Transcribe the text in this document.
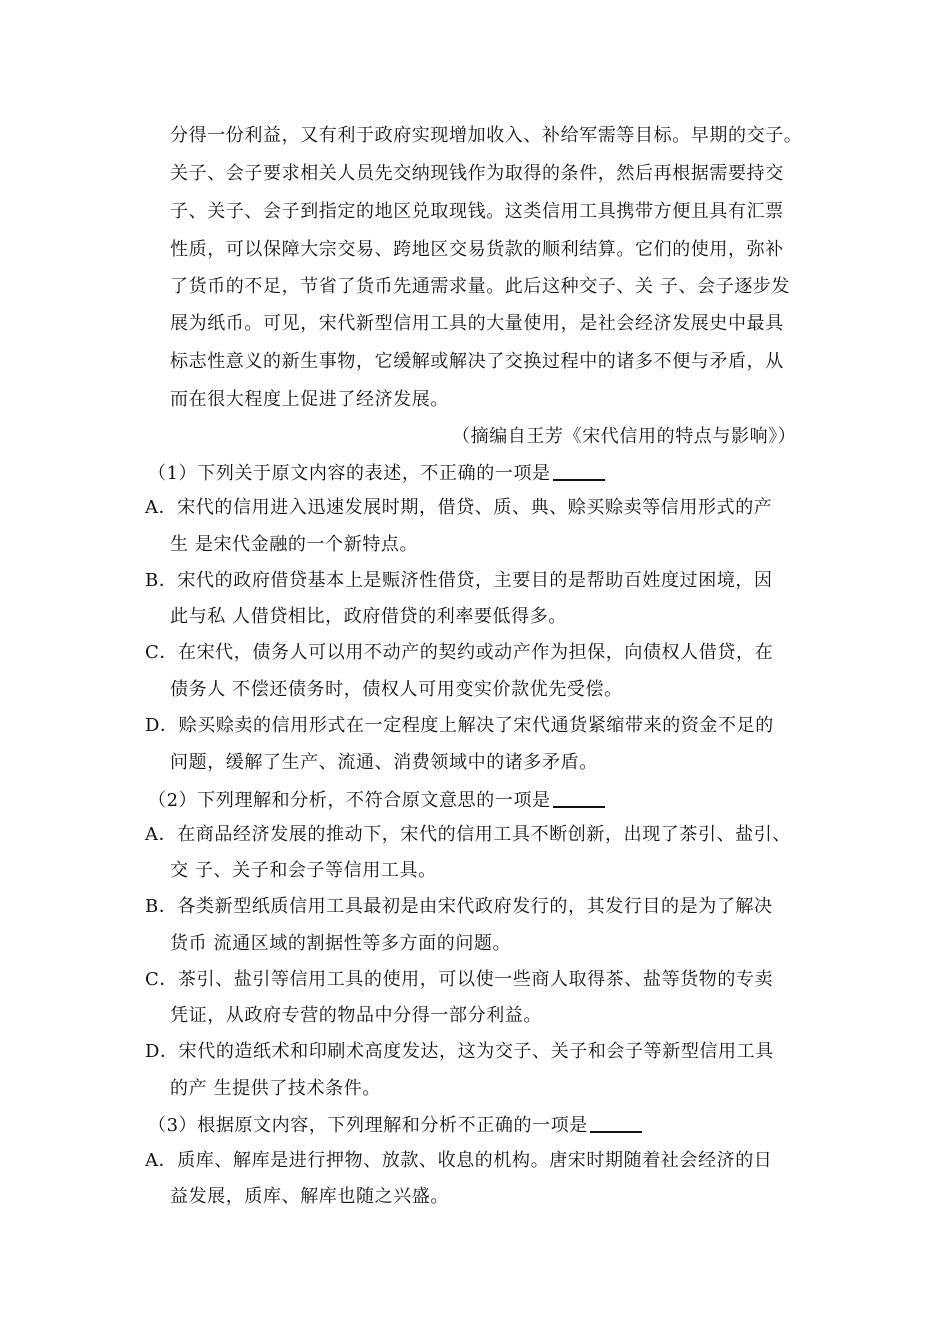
分得一份利益，又有利于政府实现增加收入、补给军需等目标。早期的交子。
关子、会子要求相关人员先交纳现钱作为取得的条件，然后再根据需要持交
子、关子、会子到指定的地区兑取现钱。这类信用工具携带方便且具有汇票
性质，可以保障大宗交易、跨地区交易货款的顺利结算。它们的使用，弥补
了货币的不足，节省了货币先通需求量。此后这种交子、关 子、会子逐步发
展为纸币。可见，宋代新型信用工具的大量使用，是社会经济发展史中最具
标志性意义的新生事物，它缓解或解决了交换过程中的诸多不便与矛盾，从
而在很大程度上促进了经济发展。
（摘编自王芳《宋代信用的特点与影响》）
（1）下列关于原文内容的表述，不正确的一项是
A．宋代的信用进入迅速发展时期，借贷、质、典、赊买赊卖等信用形式的产
生 是宋代金融的一个新特点。
B．宋代的政府借贷基本上是赈济性借贷，主要目的是帮助百姓度过困境，因
此与私 人借贷相比，政府借贷的利率要低得多。
C．在宋代，债务人可以用不动产的契约或动产作为担保，向债权人借贷，在
债务人 不偿还债务时，债权人可用变实价款优先受偿。
D．赊买赊卖的信用形式在一定程度上解决了宋代通货紧缩带来的资金不足的
问题，缓解了生产、流通、消费领域中的诸多矛盾。
（2）下列理解和分析，不符合原文意思的一项是
A．在商品经济发展的推动下，宋代的信用工具不断创新，出现了茶引、盐引、
交 子、关子和会子等信用工具。
B．各类新型纸质信用工具最初是由宋代政府发行的，其发行目的是为了解决
货币 流通区域的割据性等多方面的问题。
C．茶引、盐引等信用工具的使用，可以使一些商人取得茶、盐等货物的专卖
凭证，从政府专营的物品中分得一部分利益。
D．宋代的造纸术和印刷术高度发达，这为交子、关子和会子等新型信用工具
的产 生提供了技术条件。
（3）根据原文内容，下列理解和分析不正确的一项是
A．质库、解库是进行押物、放款、收息的机构。唐宋时期随着社会经济的日
益发展，质库、解库也随之兴盛。
